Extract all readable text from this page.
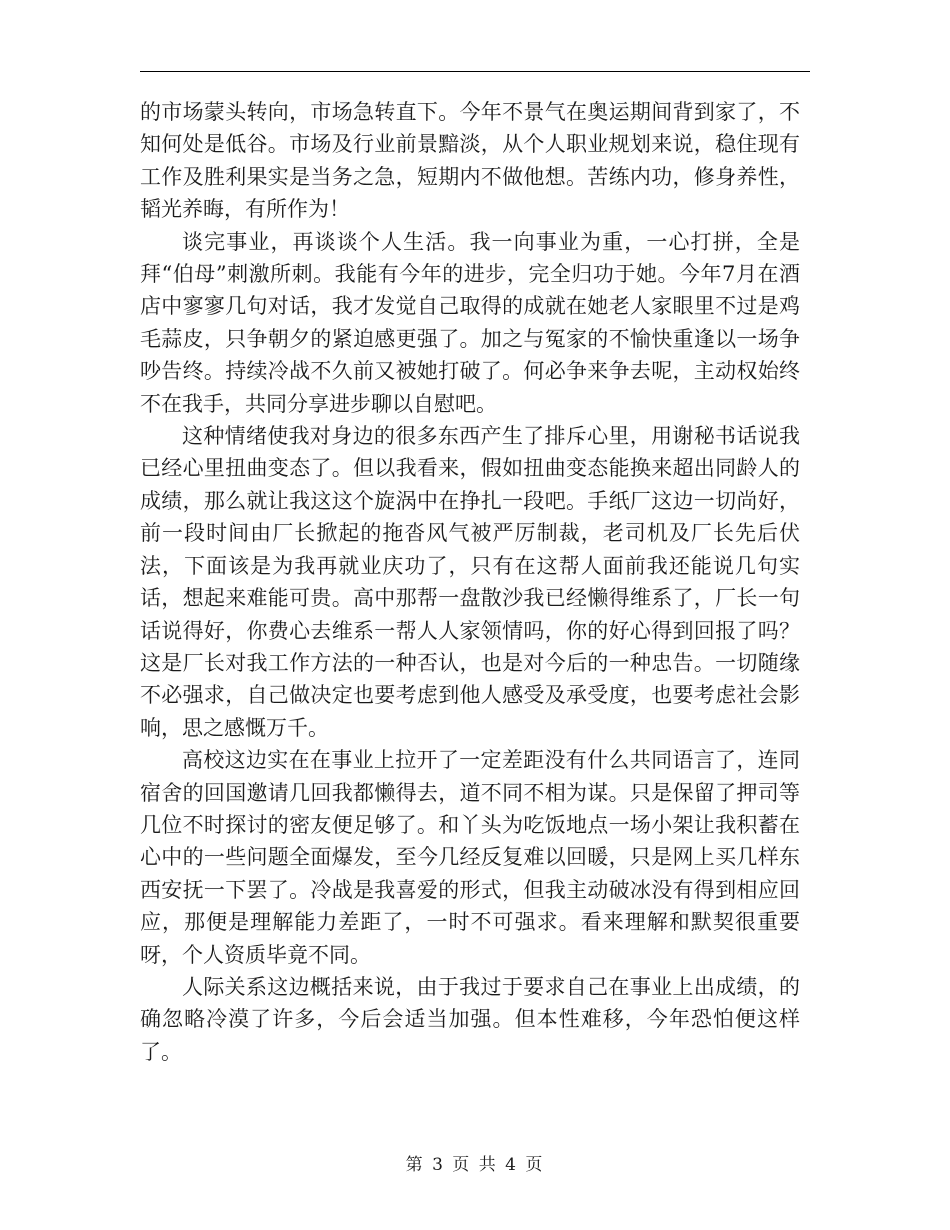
的市场蒙头转向，市场急转直下。今年不景气在奥运期间背到家了，不知何处是低谷。市场及行业前景黯淡，从个人职业规划来说，稳住现有工作及胜利果实是当务之急，短期内不做他想。苦练内功，修身养性，韬光养晦，有所作为！

谈完事业，再谈谈个人生活。我一向事业为重，一心打拼，全是拜“伯母”刺激所刺。我能有今年的进步，完全归功于她。今年7月在酒店中寥寥几句对话，我才发觉自己取得的成就在她老人家眼里不过是鸡毛蒜皮，只争朝夕的紧迫感更强了。加之与冤家的不愉快重逢以一场争吵告终。持续冷战不久前又被她打破了。何必争来争去呢，主动权始终不在我手，共同分享进步聊以自慰吧。

这种情绪使我对身边的很多东西产生了排斥心里，用谢秘书话说我已经心里扭曲变态了。但以我看来，假如扭曲变态能换来超出同龄人的成绩，那么就让我这这个旋涡中在挣扎一段吧。手纸厂这边一切尚好，前一段时间由厂长掀起的拖沓风气被严厉制裁，老司机及厂长先后伏法，下面该是为我再就业庆功了，只有在这帮人面前我还能说几句实话，想起来难能可贵。高中那帮一盘散沙我已经懒得维系了，厂长一句话说得好，你费心去维系一帮人人家领情吗，你的好心得到回报了吗？这是厂长对我工作方法的一种否认，也是对今后的一种忠告。一切随缘不必强求，自己做决定也要考虑到他人感受及承受度，也要考虑社会影响，思之感慨万千。

高校这边实在在事业上拉开了一定差距没有什么共同语言了，连同宿舍的回国邀请几回我都懒得去，道不同不相为谋。只是保留了押司等几位不时探讨的密友便足够了。和丫头为吃饭地点一场小架让我积蓄在心中的一些问题全面爆发，至今几经反复难以回暖，只是网上买几样东西安抚一下罢了。冷战是我喜爱的形式，但我主动破冰没有得到相应回应，那便是理解能力差距了，一时不可强求。看来理解和默契很重要呀，个人资质毕竟不同。

人际关系这边概括来说，由于我过于要求自己在事业上出成绩，的确忽略冷漠了许多，今后会适当加强。但本性难移，今年恐怕便这样了。

第 3 页 共 4 页
